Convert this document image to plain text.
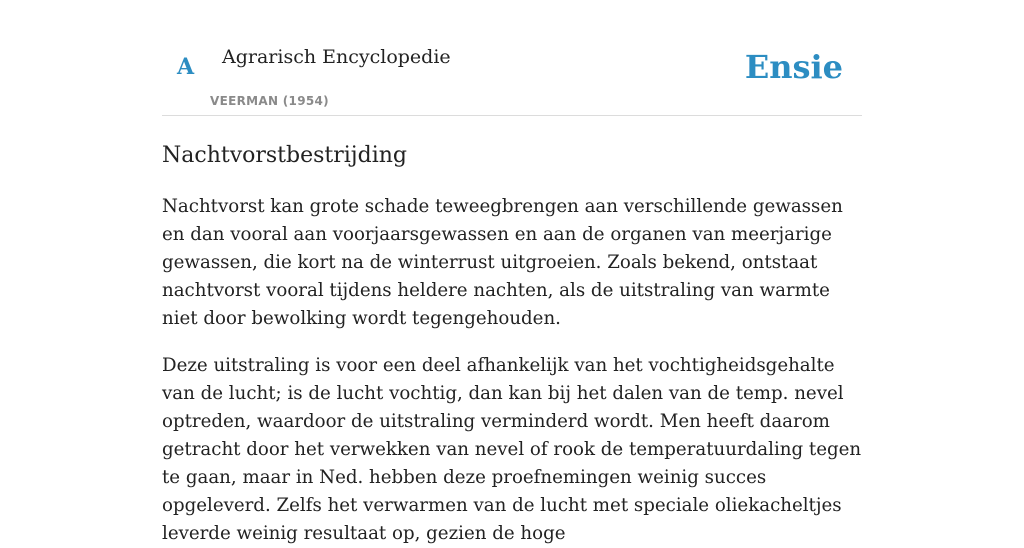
A Agrarisch Encyclopedie
VEERMAN (1954)
Ensie
Nachtvorstbestrijding

Nachtvorst kan grote schade teweegbrengen aan verschillende gewassen en dan vooral aan voorjaarsgewassen en aan de organen van meerjarige gewassen, die kort na de winterrust uitgroeien. Zoals bekend, ontstaat nachtvorst vooral tijdens heldere nachten, als de uitstraling van warmte niet door bewolking wordt tegengehouden.

Deze uitstraling is voor een deel afhankelijk van het vochtigheidsgehalte van de lucht; is de lucht vochtig, dan kan bij het dalen van de temp. nevel optreden, waardoor de uitstraling verminderd wordt. Men heeft daarom getracht door het verwekken van nevel of rook de temperatuurdaling tegen te gaan, maar in Ned. hebben deze proefnemingen weinig succes opgeleverd. Zelfs het verwarmen van de lucht met speciale oliekacheltjes leverde weinig resultaat op, gezien de hoge
